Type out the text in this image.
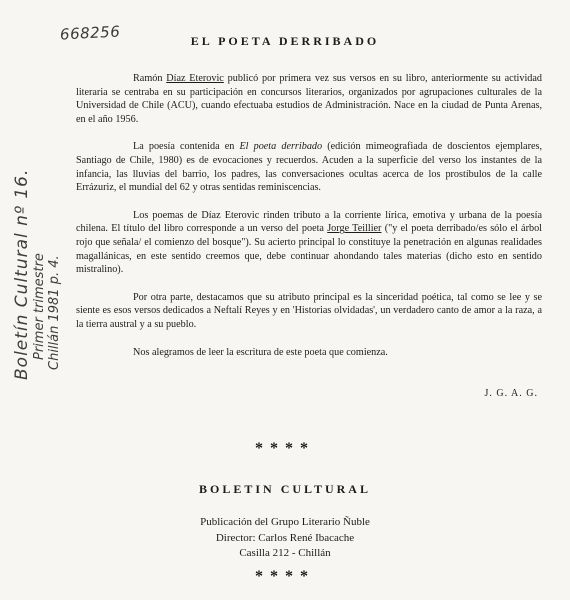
668256
Boletín Cultural nº 16. Primer trimestre Chillán 1981 p. 4.
EL POETA DERRIBADO

Ramón Díaz Eterovic publicó por primera vez sus versos en su libro, anteriormente su actividad literaria se centraba en su participación en concursos literarios, organizados por agrupaciones culturales de la Universidad de Chile (ACU), cuando efectuaba estudios de Administración. Nace en la ciudad de Punta Arenas, en el año 1956.

La poesía contenida en El poeta derribado (edición mimeografiada de doscientos ejemplares, Santiago de Chile, 1980) es de evocaciones y recuerdos. Acuden a la superficie del verso los instantes de la infancia, las lluvias del barrio, los padres, las conversaciones ocultas acerca de los prostíbulos de la calle Errázuriz, el mundial del 62 y otras sentidas reminiscencias.

Los poemas de Díaz Eterovic rinden tributo a la corriente lírica, emotiva y urbana de la poesía chilena. El título del libro corresponde a un verso del poeta Jorge Teillier ("y el poeta derribado/es sólo el árbol rojo que señala/ el comienzo del bosque"). Su acierto principal lo constituye la penetración en algunas realidades magallánicas, en este sentido creemos que, debe continuar ahondando tales materias (dicho esto en sentido mistralino).

Por otra parte, destacamos que su atributo principal es la sinceridad poética, tal como se lee y se siente es esos versos dedicados a Neftalí Reyes y en 'Historias olvidadas', un verdadero canto de amor a la raza, a la tierra austral y a su pueblo.

Nos alegramos de leer la escritura de este poeta que comienza.

J. G. A. G.
****
BOLETIN CULTURAL
Publicación del Grupo Literario Ñuble
Director: Carlos René Ibacache
Casilla 212 - Chillán
****
